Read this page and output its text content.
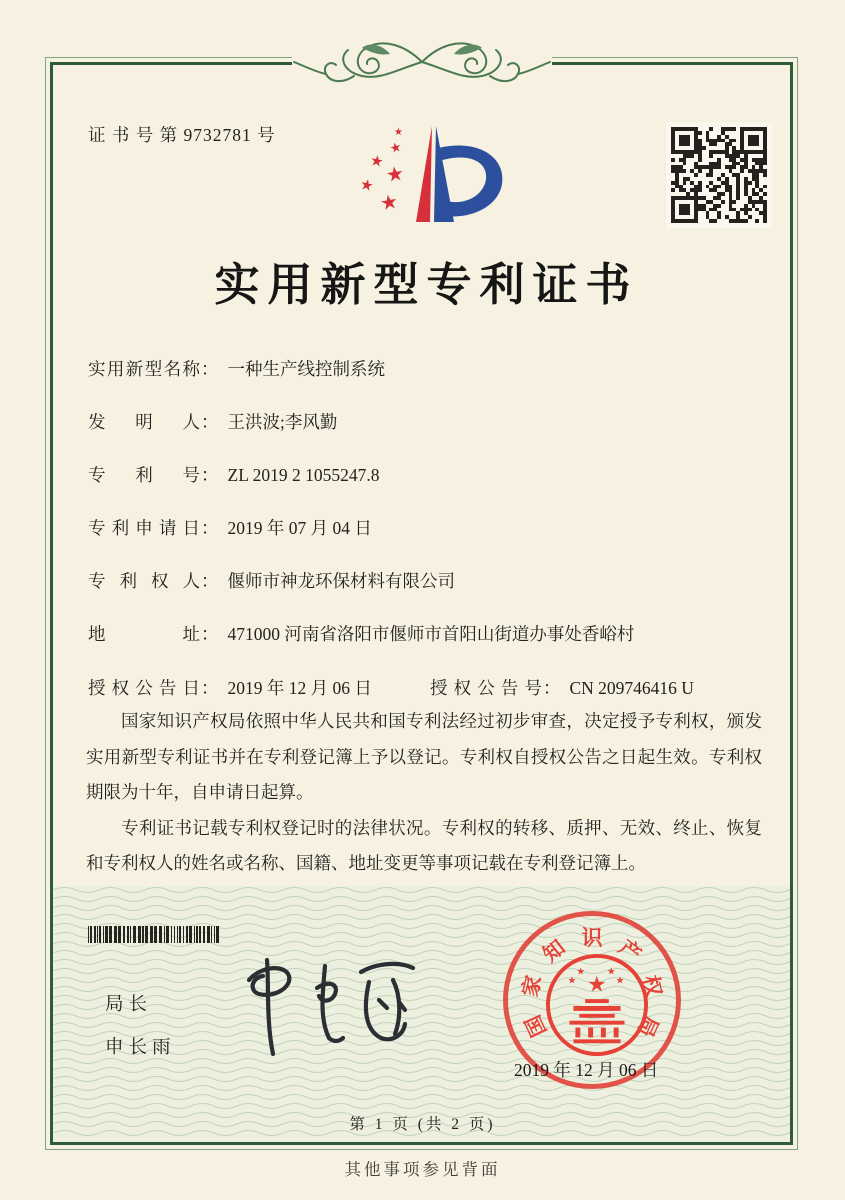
证 书 号 第 9732781 号	★
★
★ ★
★
★
实用新型专利证书
实用新型名称： 一种生产线控制系统
发明人： 王洪波;李风勤
专利号： ZL 2019 2 1055247.8
专利申请日： 2019 年 07 月 04 日
专利权人： 偃师市神龙环保材料有限公司
地址： 471000 河南省洛阳市偃师市首阳山街道办事处香峪村
授权公告日： 2019 年 12 月 06 日	授权公告号： CN 209746416 U

国家知识产权局依照中华人民共和国专利法经过初步审查，决定授予专利权，颁发实用新型专利证书并在专利登记簿上予以登记。专利权自授权公告之日起生效。专利权期限为十年，自申请日起算。

专利证书记载专利权登记时的法律状况。专利权的转移、质押、无效、终止、恢复和专利权人的姓名或名称、国籍、地址变更等事项记载在专利登记簿上。

局长
申长雨
★
★
★ ★
★
国
家
知 识 产
权
局
2019 年 12 月 06 日
第 1 页 (共 2 页)
其他事项参见背面
